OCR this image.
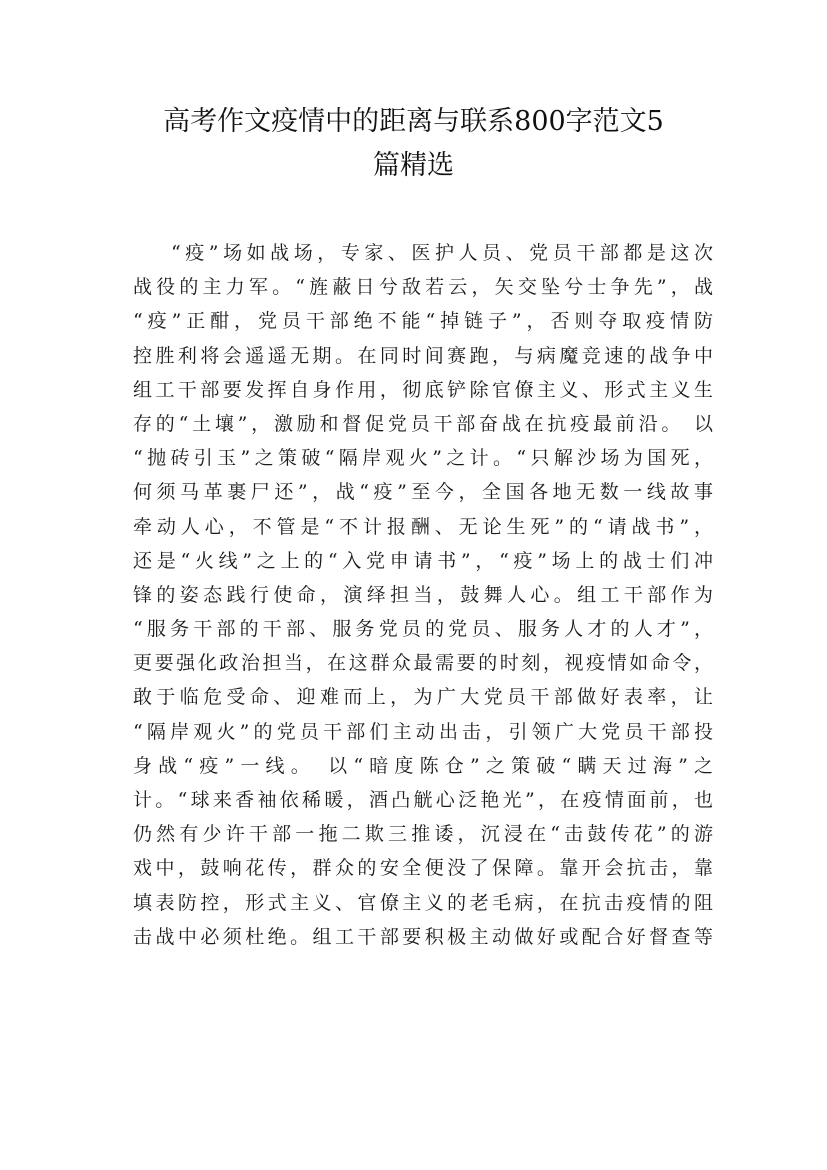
高考作文疫情中的距离与联系800字范文5
篇精选
“疫”场如战场，专家、医护人员、党员干部都是这次
战役的主力军。“旌蔽日兮敌若云，矢交坠兮士争先”，战
“疫”正酣，党员干部绝不能“掉链子”，否则夺取疫情防
控胜利将会遥遥无期。在同时间赛跑，与病魔竞速的战争中
组工干部要发挥自身作用，彻底铲除官僚主义、形式主义生
存的“土壤”，激励和督促党员干部奋战在抗疫最前沿。 以
“抛砖引玉”之策破“隔岸观火”之计。“只解沙场为国死，
何须马革裹尸还”，战“疫”至今，全国各地无数一线故事
牵动人心，不管是“不计报酬、无论生死”的“请战书”，
还是“火线”之上的“入党申请书”，“疫”场上的战士们冲
锋的姿态践行使命，演绎担当，鼓舞人心。组工干部作为
“服务干部的干部、服务党员的党员、服务人才的人才”，
更要强化政治担当，在这群众最需要的时刻，视疫情如命令，
敢于临危受命、迎难而上，为广大党员干部做好表率，让
“隔岸观火”的党员干部们主动出击，引领广大党员干部投
身战“疫”一线。 以“暗度陈仓”之策破“瞒天过海”之
计。“球来香袖依稀暖，酒凸觥心泛艳光”，在疫情面前，也
仍然有少许干部一拖二欺三推诿，沉浸在“击鼓传花”的游
戏中，鼓响花传，群众的安全便没了保障。靠开会抗击，靠
填表防控，形式主义、官僚主义的老毛病，在抗击疫情的阻
击战中必须杜绝。组工干部要积极主动做好或配合好督查等
